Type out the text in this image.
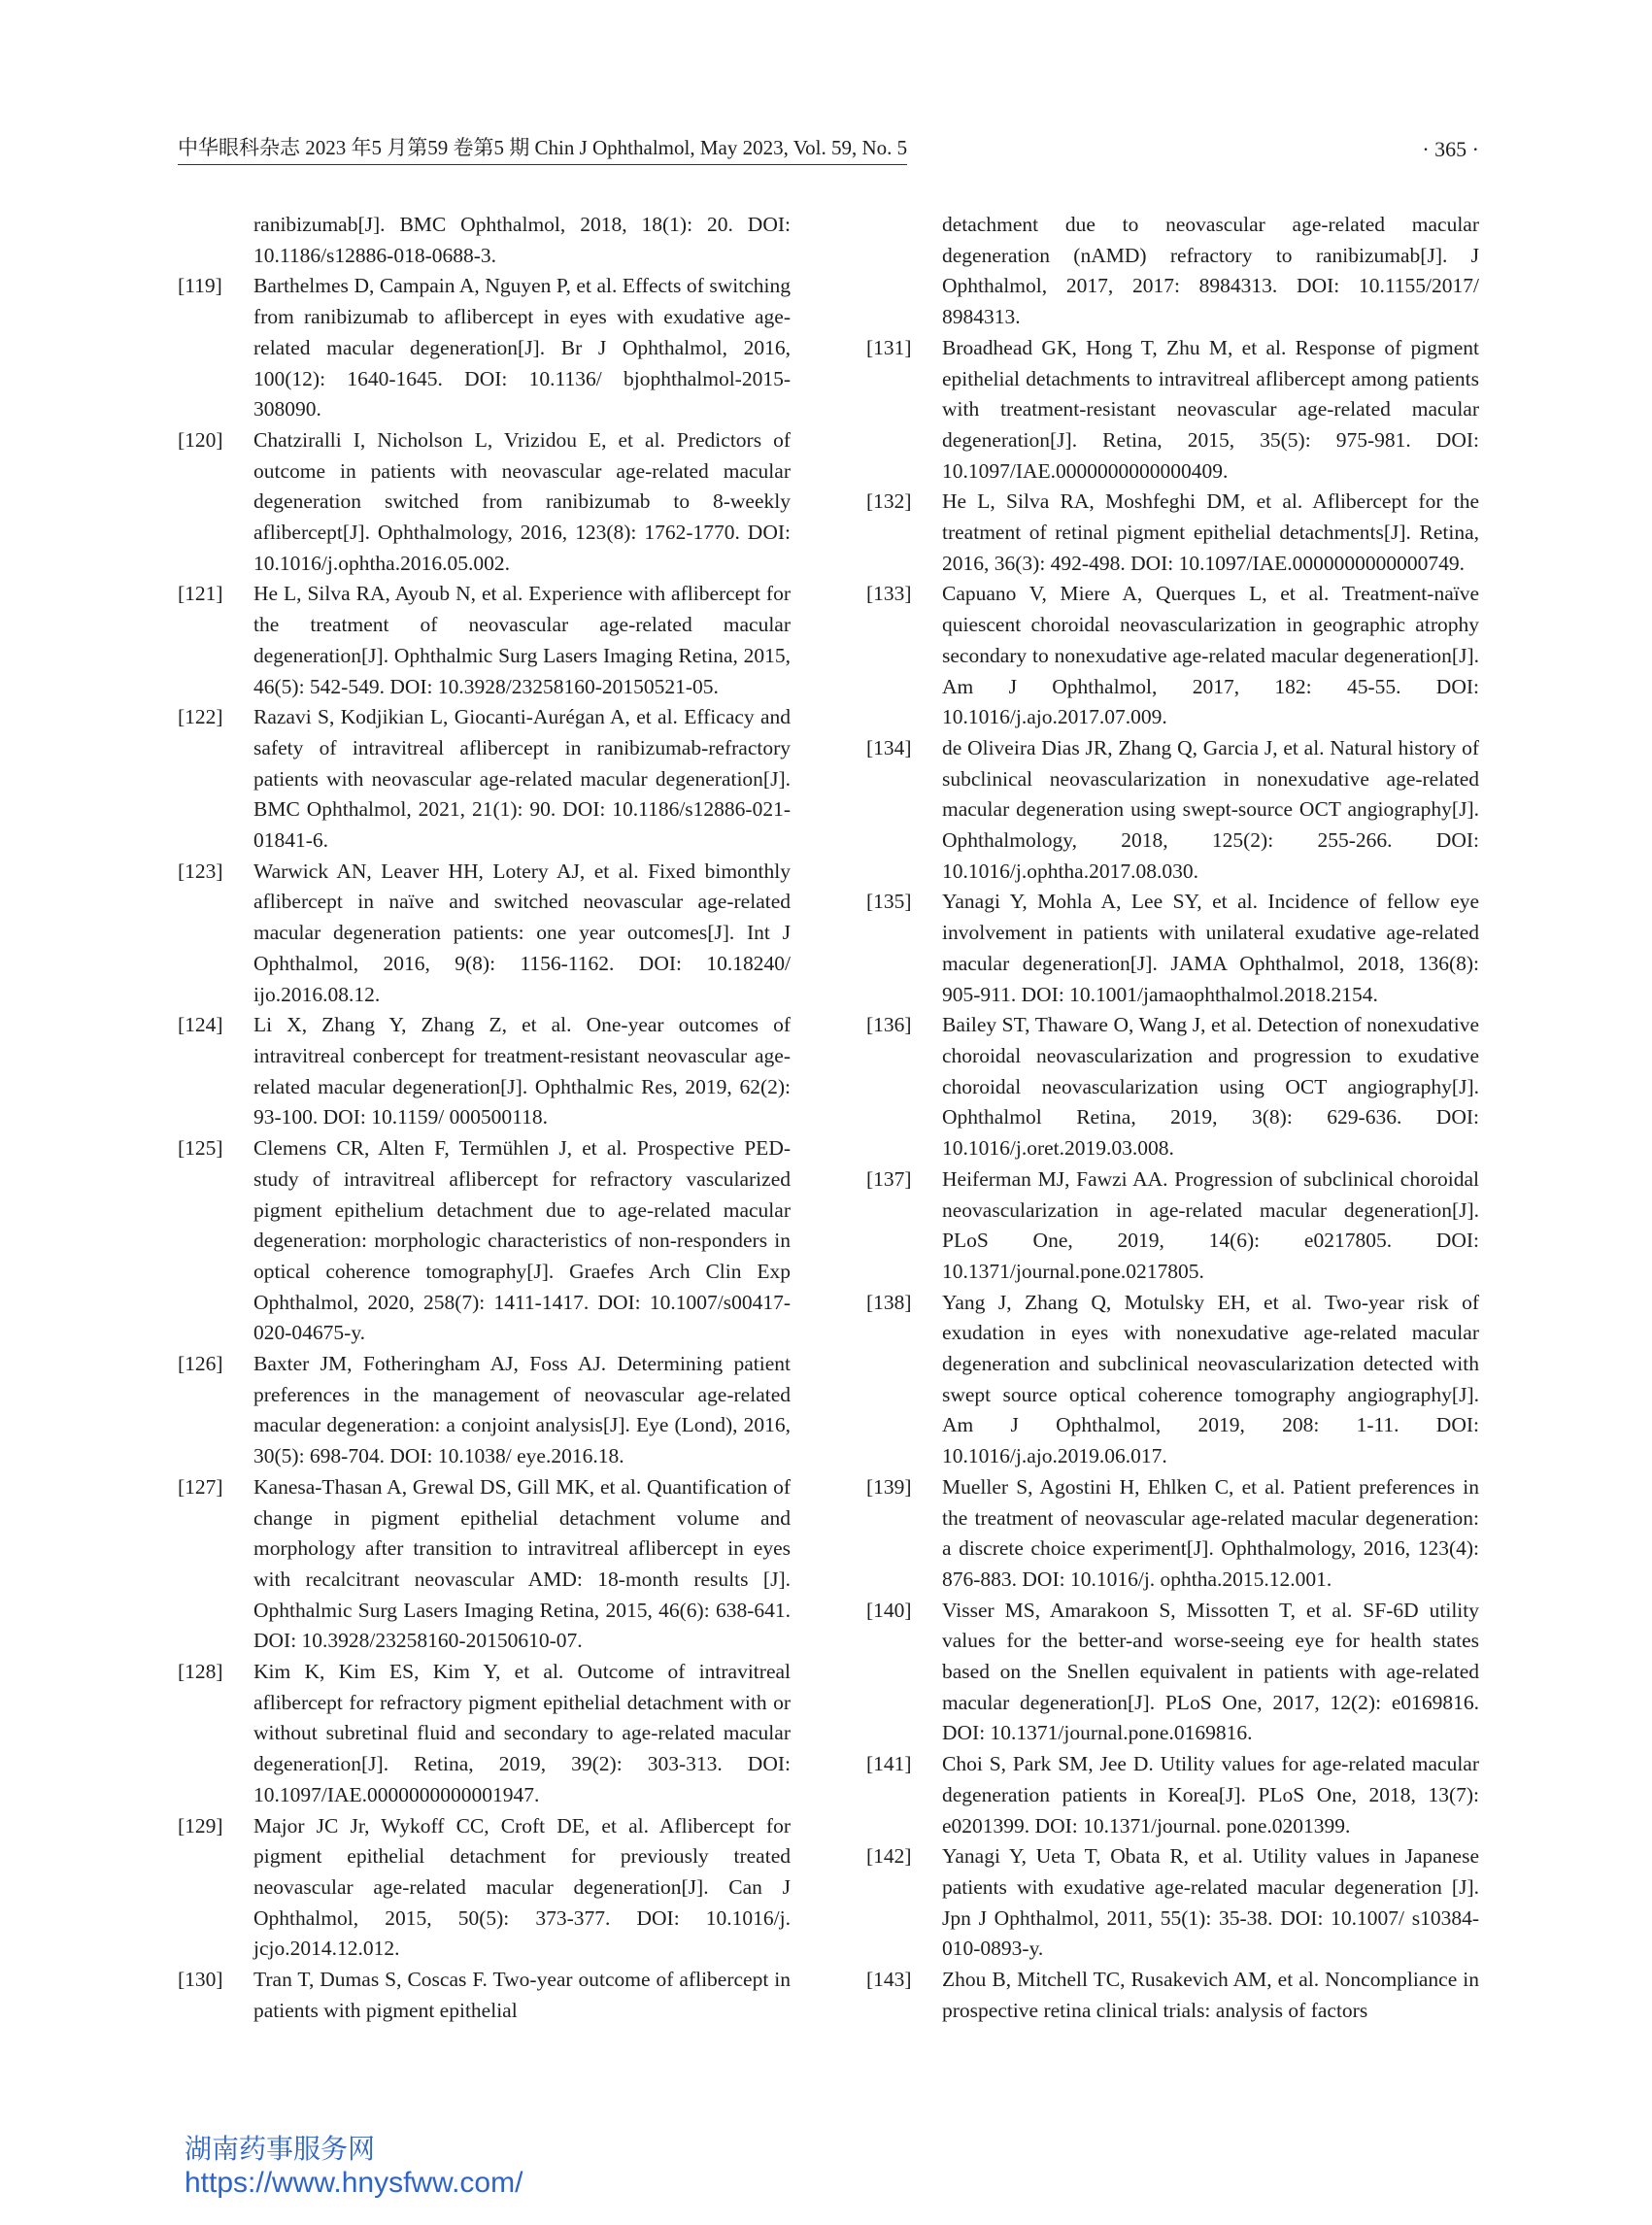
中华眼科杂志 2023 年5 月第59 卷第5 期 Chin J Ophthalmol, May 2023, Vol. 59, No. 5	· 365 ·
ranibizumab[J]. BMC Ophthalmol, 2018, 18(1): 20. DOI: 10.1186/s12886-018-0688-3.
[119] Barthelmes D, Campain A, Nguyen P, et al. Effects of switching from ranibizumab to aflibercept in eyes with exudative age-related macular degeneration[J]. Br J Ophthalmol, 2016, 100(12): 1640-1645. DOI: 10.1136/ bjophthalmol-2015-308090.
[120] Chatziralli I, Nicholson L, Vrizidou E, et al. Predictors of outcome in patients with neovascular age-related macular degeneration switched from ranibizumab to 8-weekly aflibercept[J]. Ophthalmology, 2016, 123(8): 1762-1770. DOI: 10.1016/j.ophtha.2016.05.002.
[121] He L, Silva RA, Ayoub N, et al. Experience with aflibercept for the treatment of neovascular age-related macular degeneration[J]. Ophthalmic Surg Lasers Imaging Retina, 2015, 46(5): 542-549. DOI: 10.3928/23258160-20150521-05.
[122] Razavi S, Kodjikian L, Giocanti-Aurégan A, et al. Efficacy and safety of intravitreal aflibercept in ranibizumab-refractory patients with neovascular age-related macular degeneration[J]. BMC Ophthalmol, 2021, 21(1): 90. DOI: 10.1186/s12886-021-01841-6.
[123] Warwick AN, Leaver HH, Lotery AJ, et al. Fixed bimonthly aflibercept in naïve and switched neovascular age-related macular degeneration patients: one year outcomes[J]. Int J Ophthalmol, 2016, 9(8): 1156-1162. DOI: 10.18240/ ijo.2016.08.12.
[124] Li X, Zhang Y, Zhang Z, et al. One-year outcomes of intravitreal conbercept for treatment-resistant neovascular age-related macular degeneration[J]. Ophthalmic Res, 2019, 62(2): 93-100. DOI: 10.1159/ 000500118.
[125] Clemens CR, Alten F, Termühlen J, et al. Prospective PED-study of intravitreal aflibercept for refractory vascularized pigment epithelium detachment due to age-related macular degeneration: morphologic characteristics of non-responders in optical coherence tomography[J]. Graefes Arch Clin Exp Ophthalmol, 2020, 258(7): 1411-1417. DOI: 10.1007/s00417-020-04675-y.
[126] Baxter JM, Fotheringham AJ, Foss AJ. Determining patient preferences in the management of neovascular age-related macular degeneration: a conjoint analysis[J]. Eye (Lond), 2016, 30(5): 698-704. DOI: 10.1038/ eye.2016.18.
[127] Kanesa-Thasan A, Grewal DS, Gill MK, et al. Quantification of change in pigment epithelial detachment volume and morphology after transition to intravitreal aflibercept in eyes with recalcitrant neovascular AMD: 18-month results [J]. Ophthalmic Surg Lasers Imaging Retina, 2015, 46(6): 638-641. DOI: 10.3928/23258160-20150610-07.
[128] Kim K, Kim ES, Kim Y, et al. Outcome of intravitreal aflibercept for refractory pigment epithelial detachment with or without subretinal fluid and secondary to age-related macular degeneration[J]. Retina, 2019, 39(2): 303-313. DOI: 10.1097/IAE.0000000000001947.
[129] Major JC Jr, Wykoff CC, Croft DE, et al. Aflibercept for pigment epithelial detachment for previously treated neovascular age-related macular degeneration[J]. Can J Ophthalmol, 2015, 50(5): 373-377. DOI: 10.1016/j. jcjo.2014.12.012.
[130] Tran T, Dumas S, Coscas F. Two-year outcome of aflibercept in patients with pigment epithelial
detachment due to neovascular age-related macular degeneration (nAMD) refractory to ranibizumab[J]. J Ophthalmol, 2017, 2017: 8984313. DOI: 10.1155/2017/ 8984313.
[131] Broadhead GK, Hong T, Zhu M, et al. Response of pigment epithelial detachments to intravitreal aflibercept among patients with treatment-resistant neovascular age-related macular degeneration[J]. Retina, 2015, 35(5): 975-981. DOI: 10.1097/IAE.0000000000000409.
[132] He L, Silva RA, Moshfeghi DM, et al. Aflibercept for the treatment of retinal pigment epithelial detachments[J]. Retina, 2016, 36(3): 492-498. DOI: 10.1097/IAE.0000000000000749.
[133] Capuano V, Miere A, Querques L, et al. Treatment-naïve quiescent choroidal neovascularization in geographic atrophy secondary to nonexudative age-related macular degeneration[J]. Am J Ophthalmol, 2017, 182: 45-55. DOI: 10.1016/j.ajo.2017.07.009.
[134] de Oliveira Dias JR, Zhang Q, Garcia J, et al. Natural history of subclinical neovascularization in nonexudative age-related macular degeneration using swept-source OCT angiography[J]. Ophthalmology, 2018, 125(2): 255-266. DOI: 10.1016/j.ophtha.2017.08.030.
[135] Yanagi Y, Mohla A, Lee SY, et al. Incidence of fellow eye involvement in patients with unilateral exudative age-related macular degeneration[J]. JAMA Ophthalmol, 2018, 136(8): 905-911. DOI: 10.1001/jamaophthalmol.2018.2154.
[136] Bailey ST, Thaware O, Wang J, et al. Detection of nonexudative choroidal neovascularization and progression to exudative choroidal neovascularization using OCT angiography[J]. Ophthalmol Retina, 2019, 3(8): 629-636. DOI: 10.1016/j.oret.2019.03.008.
[137] Heiferman MJ, Fawzi AA. Progression of subclinical choroidal neovascularization in age-related macular degeneration[J]. PLoS One, 2019, 14(6): e0217805. DOI: 10.1371/journal.pone.0217805.
[138] Yang J, Zhang Q, Motulsky EH, et al. Two-year risk of exudation in eyes with nonexudative age-related macular degeneration and subclinical neovascularization detected with swept source optical coherence tomography angiography[J]. Am J Ophthalmol, 2019, 208: 1-11. DOI: 10.1016/j.ajo.2019.06.017.
[139] Mueller S, Agostini H, Ehlken C, et al. Patient preferences in the treatment of neovascular age-related macular degeneration: a discrete choice experiment[J]. Ophthalmology, 2016, 123(4): 876-883. DOI: 10.1016/j. ophtha.2015.12.001.
[140] Visser MS, Amarakoon S, Missotten T, et al. SF-6D utility values for the better-and worse-seeing eye for health states based on the Snellen equivalent in patients with age-related macular degeneration[J]. PLoS One, 2017, 12(2): e0169816. DOI: 10.1371/journal.pone.0169816.
[141] Choi S, Park SM, Jee D. Utility values for age-related macular degeneration patients in Korea[J]. PLoS One, 2018, 13(7): e0201399. DOI: 10.1371/journal. pone.0201399.
[142] Yanagi Y, Ueta T, Obata R, et al. Utility values in Japanese patients with exudative age-related macular degeneration [J]. Jpn J Ophthalmol, 2011, 55(1): 35-38. DOI: 10.1007/ s10384-010-0893-y.
[143] Zhou B, Mitchell TC, Rusakevich AM, et al. Noncompliance in prospective retina clinical trials: analysis of factors
湖南药事服务网
https://www.hnysfww.com/
